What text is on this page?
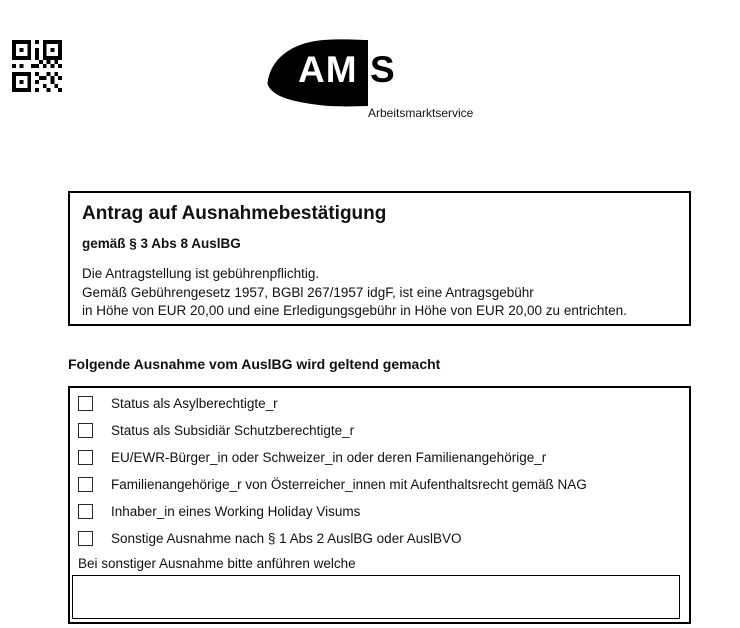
AM S
Arbeitsmarktservice
Antrag auf Ausnahmebestätigung
gemäß § 3 Abs 8 AuslBG
Die Antragstellung ist gebührenpflichtig.
Gemäß Gebührengesetz 1957, BGBl 267/1957 idgF, ist eine Antragsgebühr
in Höhe von EUR 20,00 und eine Erledigungsgebühr in Höhe von EUR 20,00 zu entrichten.
Folgende Ausnahme vom AuslBG wird geltend gemacht
Status als Asylberechtigte_r
Status als Subsidiär Schutzberechtigte_r
EU/EWR-Bürger_in oder Schweizer_in oder deren Familienangehörige_r
Familienangehörige_r von Österreicher_innen mit Aufenthaltsrecht gemäß NAG
Inhaber_in eines Working Holiday Visums
Sonstige Ausnahme nach § 1 Abs 2 AuslBG oder AuslBVO
Bei sonstiger Ausnahme bitte anführen welche
